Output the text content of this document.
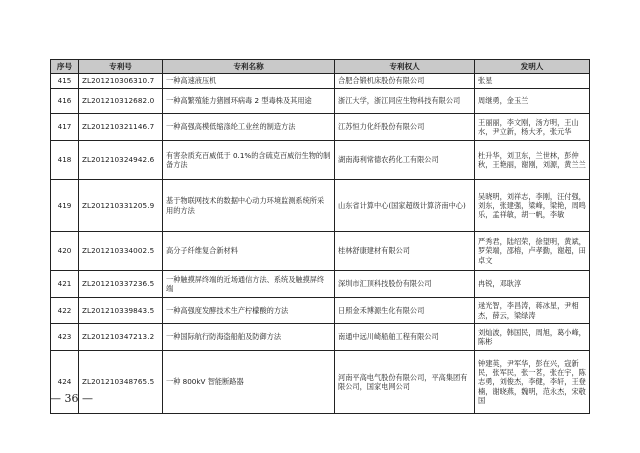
序号	专利号	专利名称	专利权人	发明人
415	ZL201210306310.7	一种高速液压机	合肥合锻机床股份有限公司	张星
416	ZL201210312682.0	一种高繁殖能力猪圆环病毒 2 型毒株及其用途	浙江大学，浙江同应生物科技有限公司	周继勇，金玉兰
417	ZL201210321146.7	一种高强高模低缩涤纶工业丝的制造方法	江苏恒力化纤股份有限公司	王丽丽，李文刚，汤方明，王山水，尹立新，杨大矛，张元华
418	ZL201210324942.6	有害杂质充百威低于 0.1%的含硫克百威衍生物的制备方法	湖南海利常德农药化工有限公司	杜升华，刘卫东，兰世林，彭仲秋，王艳丽，谢刚，刘源，黄兰兰
419	ZL201210331205.9	基于物联网技术的数据中心动力环境监测系统所采用的方法	山东省计算中心(国家超级计算济南中心)	吴晓明，刘祥志，李刚，汪付强，刘东，张建强，梁峰，梁艳，周鸣乐，孟祥敏，胡一帆，李敏
420	ZL201210334002.5	高分子纤维复合新材料	桂林舒康建材有限公司	严秀君，陆绍荣，徐望明，黄斌，罗荣端，邵榕，卢孝勤，谢超，田卓文
421	ZL201210337236.5	一种触摸屏终端的近场通信方法、系统及触摸屏终端	深圳市汇顶科技股份有限公司	冉锐，邓耿淳
422	ZL201210339843.5	一种高强度发酵技术生产柠檬酸的方法	日照金禾博源生化有限公司	逯光智，李昌涛，蒋冰星，尹相杰，薛云，梁绿涛
423	ZL201210347213.2	一种国际航行防海盗船舶及防御方法	南通中远川崎船舶工程有限公司	刘灿波，韩国民，周旭，葛小峰，陈彬
424	ZL201210348765.5	一种 800kV 智能断路器	河南平高电气股份有限公司，平高集团有限公司，国家电网公司	钟建英，尹军华，彭在兴，寇新民，张军民，张一茗，张在宇，陈志勇，刘俊杰，李健，李轩，王登楠，谢晓燕，魏明，范永杰，宋敬国
— 36 —
